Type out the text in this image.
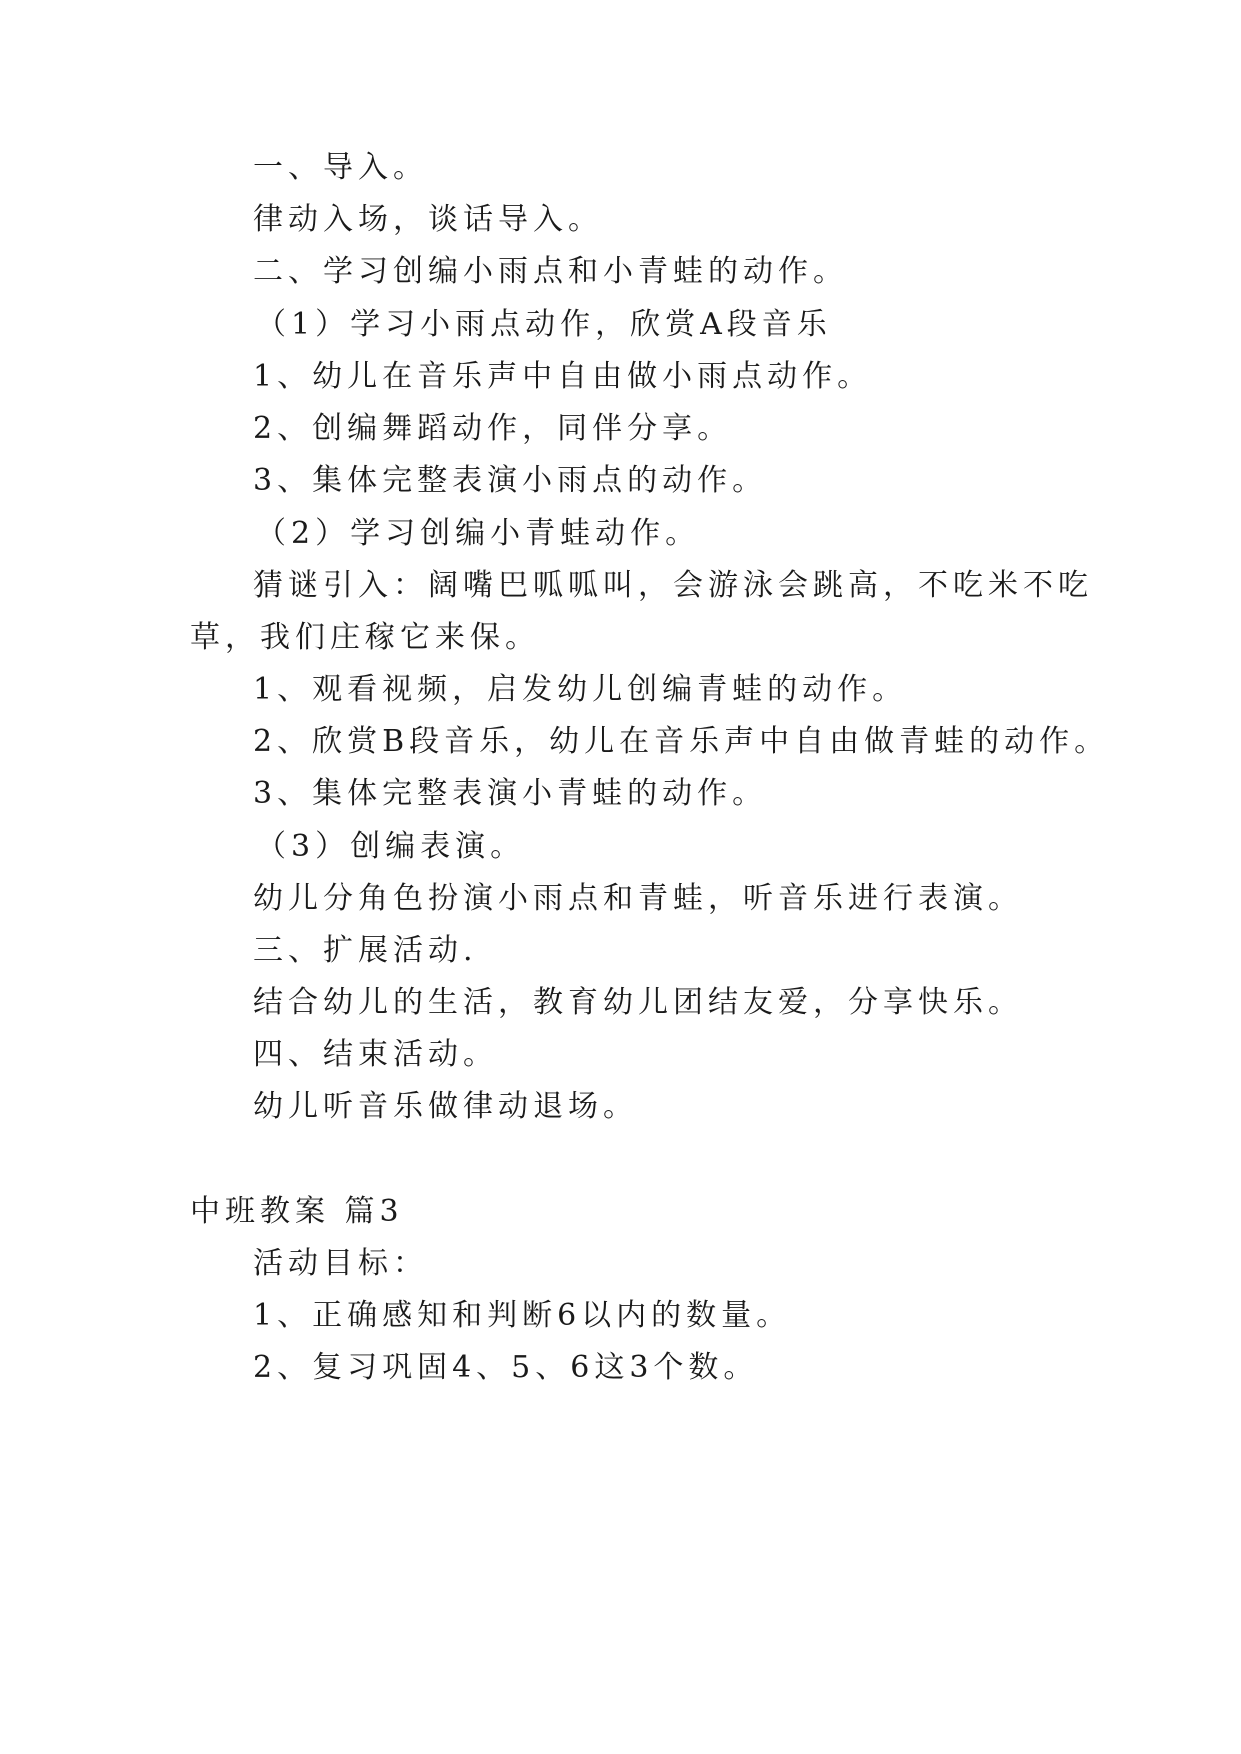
一、导入。
律动入场，谈话导入。
二、学习创编小雨点和小青蛙的动作。
（1）学习小雨点动作，欣赏A段音乐
1、幼儿在音乐声中自由做小雨点动作。
2、创编舞蹈动作，同伴分享。
3、集体完整表演小雨点的动作。
（2）学习创编小青蛙动作。
猜谜引入：阔嘴巴呱呱叫，会游泳会跳高，不吃米不吃
草，我们庄稼它来保。
1、观看视频，启发幼儿创编青蛙的动作。
2、欣赏B段音乐，幼儿在音乐声中自由做青蛙的动作。
3、集体完整表演小青蛙的动作。
（3）创编表演。
幼儿分角色扮演小雨点和青蛙，听音乐进行表演。
三、扩展活动.
结合幼儿的生活，教育幼儿团结友爱，分享快乐。
四、结束活动。
幼儿听音乐做律动退场。
中班教案 篇3
活动目标：
1、正确感知和判断6以内的数量。
2、复习巩固4、5、6这3个数。
